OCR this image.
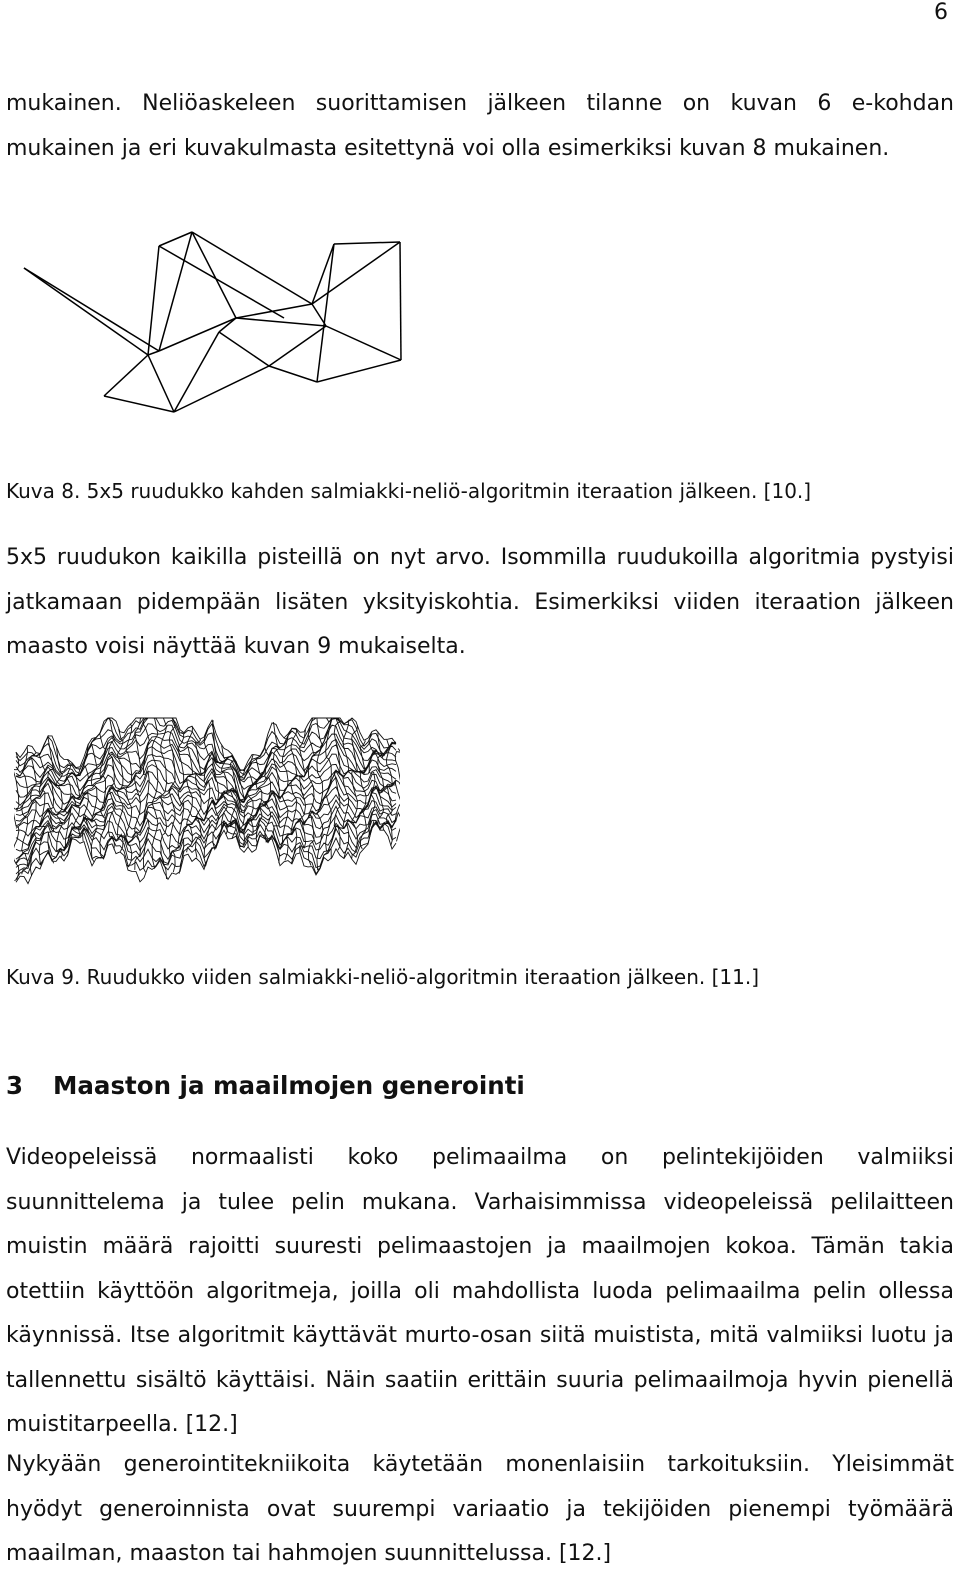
6

mukainen. Neliöaskeleen suorittamisen jälkeen tilanne on kuvan 6 e-kohdan mukainen ja eri kuvakulmasta esitettynä voi olla esimerkiksi kuvan 8 mukainen.

Kuva 8. 5x5 ruudukko kahden salmiakki-neliö-algoritmin iteraation jälkeen. [10.]

5x5 ruudukon kaikilla pisteillä on nyt arvo. Isommilla ruudukoilla algoritmia pystyisi jatkamaan pidempään lisäten yksityiskohtia. Esimerkiksi viiden iteraation jälkeen maasto voisi näyttää kuvan 9 mukaiselta.

Kuva 9. Ruudukko viiden salmiakki-neliö-algoritmin iteraation jälkeen. [11.]
3 Maaston ja maailmojen generointi

Videopeleissä normaalisti koko pelimaailma on pelintekijöiden valmiiksi suunnittelema ja tulee pelin mukana. Varhaisimmissa videopeleissä pelilaitteen muistin määrä rajoitti suuresti pelimaastojen ja maailmojen kokoa. Tämän takia otettiin käyttöön algoritmeja, joilla oli mahdollista luoda pelimaailma pelin ollessa käynnissä. Itse algoritmit käyttävät murto-osan siitä muistista, mitä valmiiksi luotu ja tallennettu sisältö käyttäisi. Näin saatiin erittäin suuria pelimaailmoja hyvin pienellä muistitarpeella. [12.]

Nykyään generointitekniikoita käytetään monenlaisiin tarkoituksiin. Yleisimmät hyödyt generoinnista ovat suurempi variaatio ja tekijöiden pienempi työmäärä maailman, maaston tai hahmojen suunnittelussa. [12.]
